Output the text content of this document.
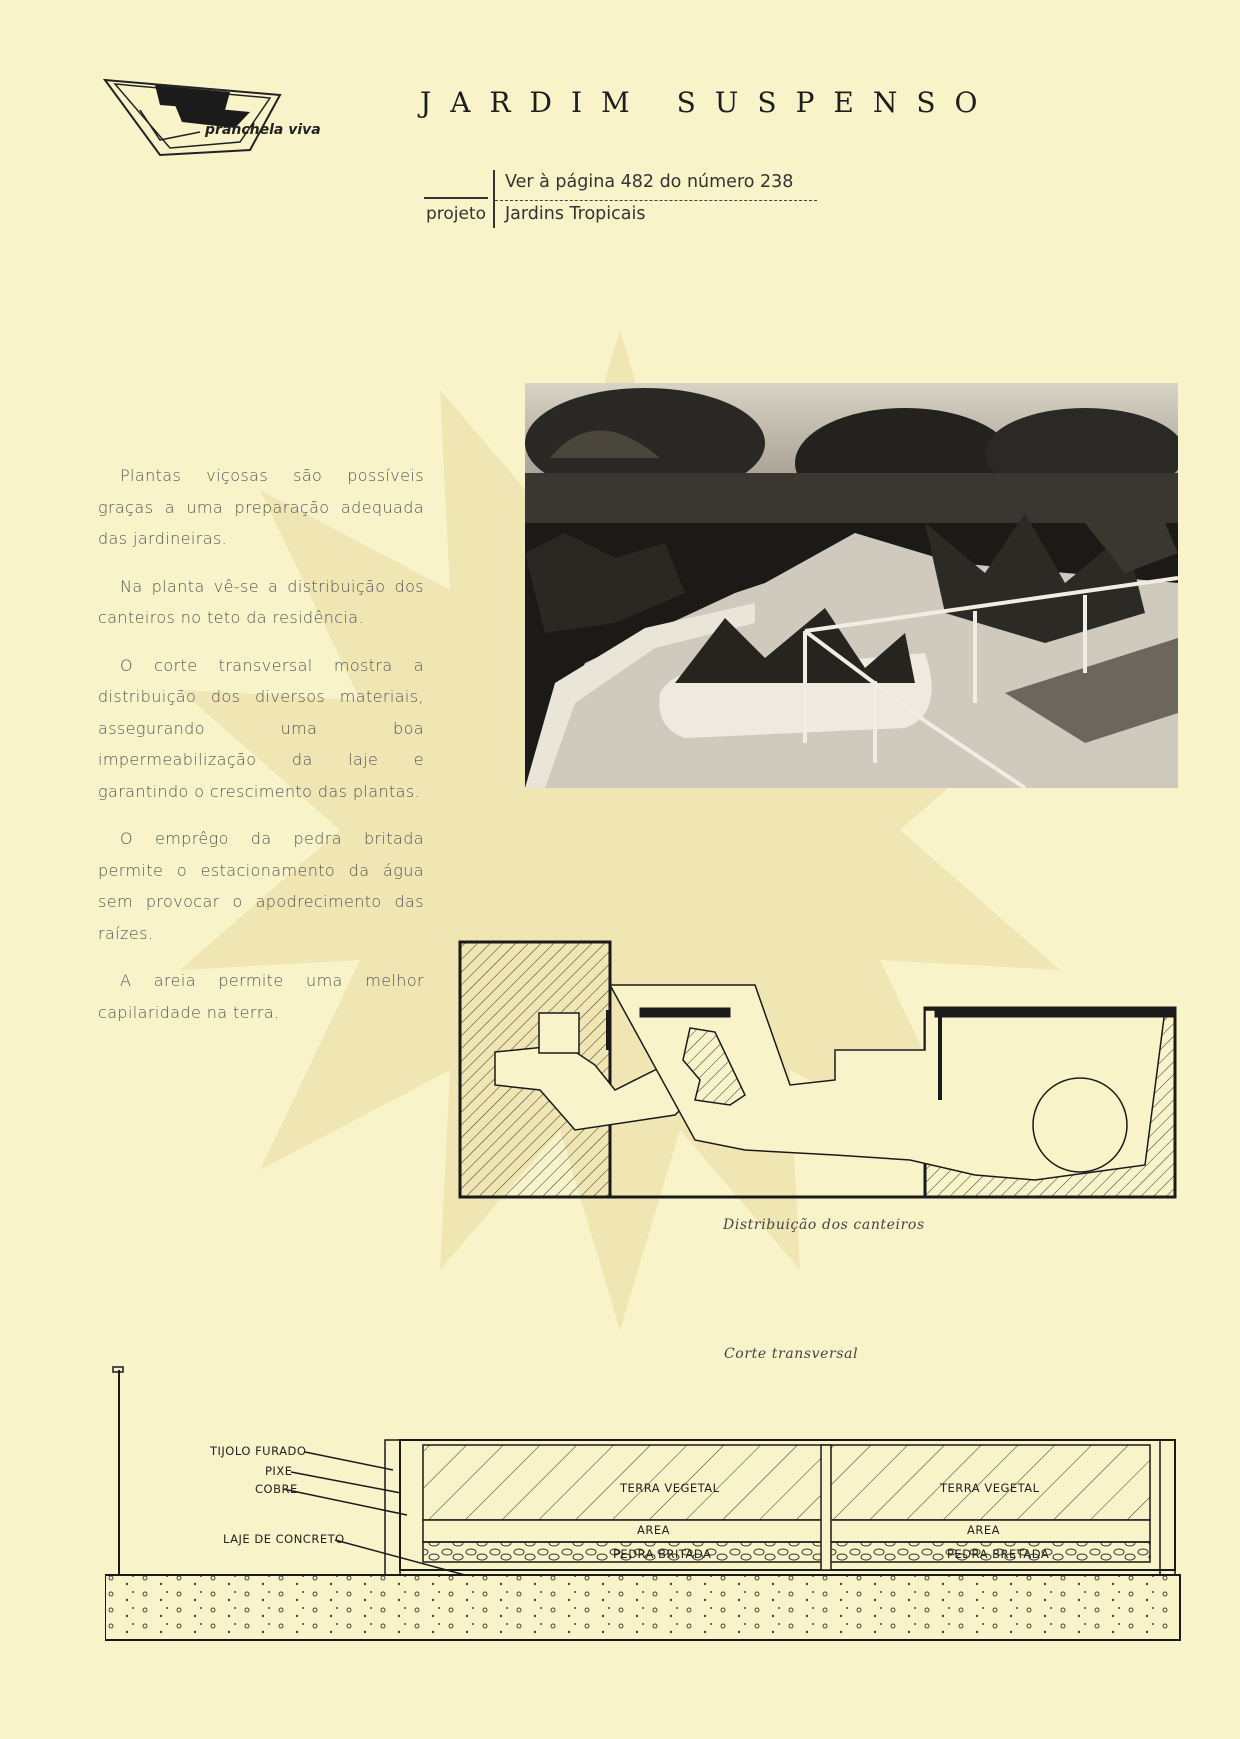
pranchela viva
JARDIM SUSPENSO
projeto
Ver à página 482 do número 238
Jardins Tropicais

Plantas viçosas são possíveis graças a uma preparação adequada das jardineiras.

Na planta vê-se a distribuição dos canteiros no teto da residência.

O corte transversal mostra a distribuição dos diversos materiais, assegurando uma boa impermeabilização da laje e garantindo o crescimento das plantas.

O emprêgo da pedra britada permite o estacionamento da água sem provocar o apodrecimento das raízes.

A areia permite uma melhor capilaridade na terra.

Distribuição dos canteiros
Corte transversal
TIJOLO FURADO
PIXE
COBRE
LAJE DE CONCRETO
TERRA VEGETAL	TERRA VEGETAL
AREA	AREA
PEDRA BRITADA	PEDRA BRETADA
